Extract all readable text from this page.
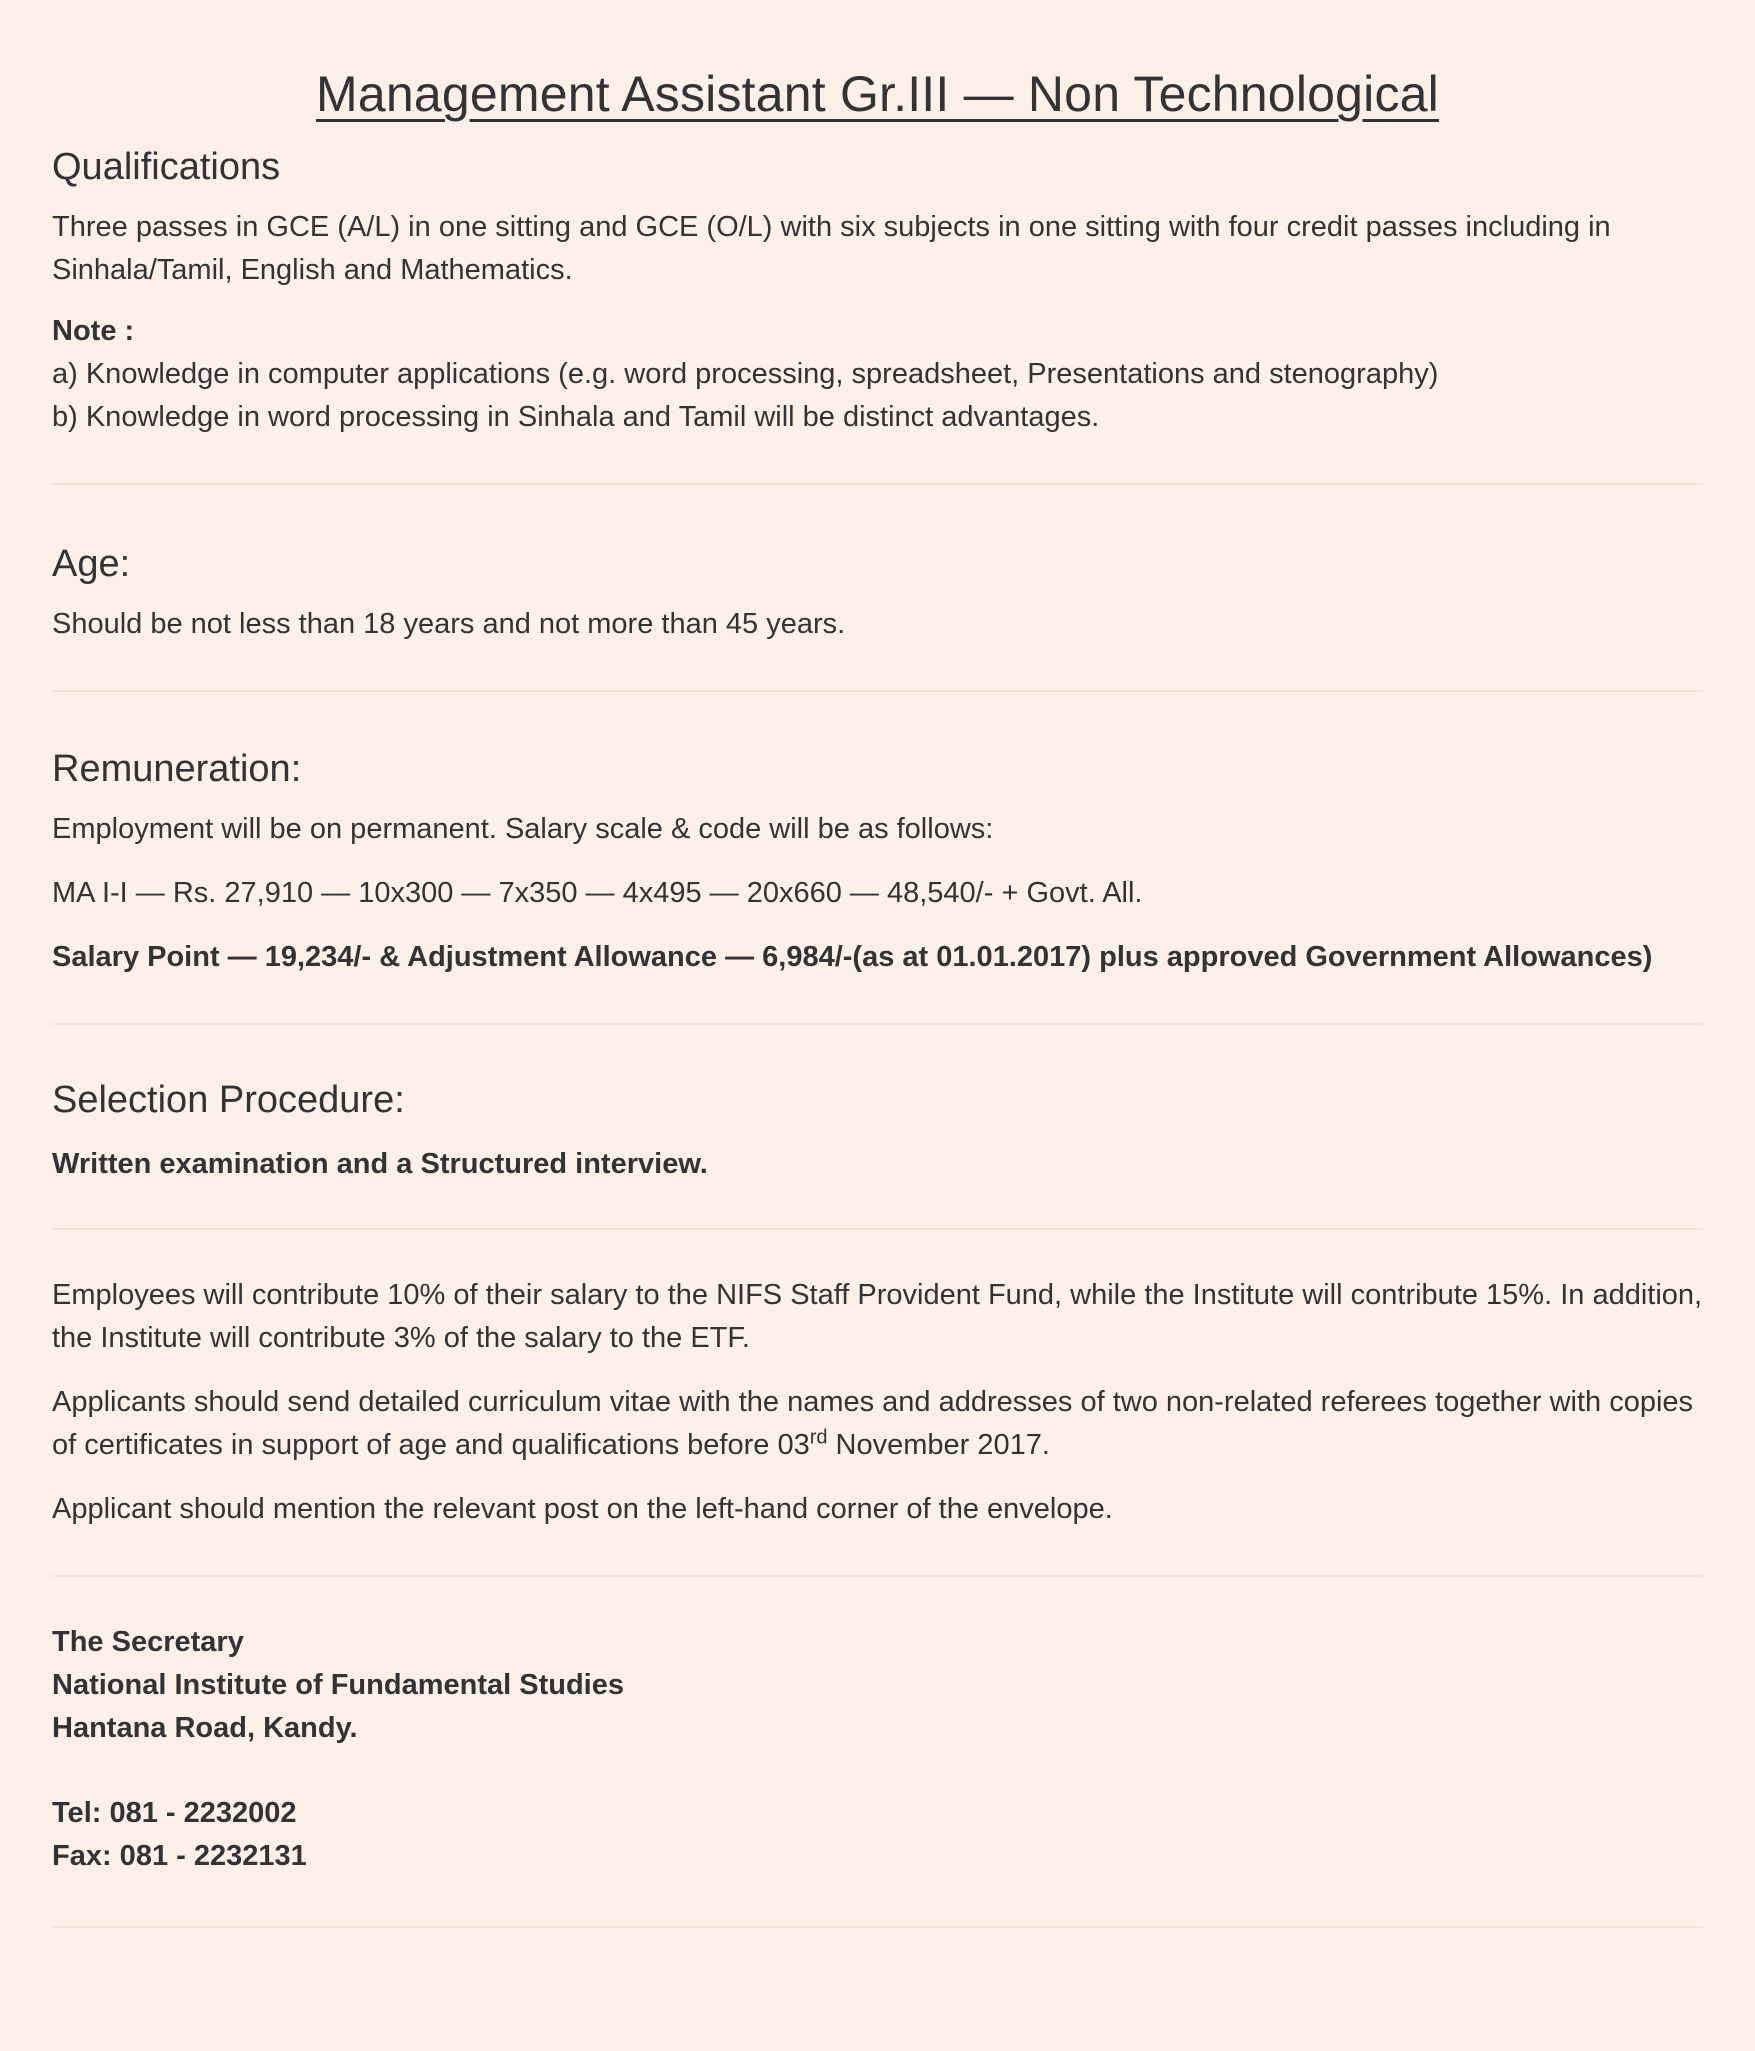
Management Assistant Gr.III — Non Technological
Qualifications

Three passes in GCE (A/L) in one sitting and GCE (O/L) with six subjects in one sitting with four credit passes including in Sinhala/Tamil, English and Mathematics.

Note :

a) Knowledge in computer applications (e.g. word processing, spreadsheet, Presentations and stenography)

b) Knowledge in word processing in Sinhala and Tamil will be distinct advantages.

Age:

Should be not less than 18 years and not more than 45 years.

Remuneration:

Employment will be on permanent. Salary scale & code will be as follows:

MA I-I — Rs. 27,910 — 10x300 — 7x350 — 4x495 — 20x660 — 48,540/- + Govt. All.

Salary Point — 19,234/- & Adjustment Allowance — 6,984/-(as at 01.01.2017) plus approved Government Allowances)

Selection Procedure:

Written examination and a Structured interview.

Employees will contribute 10% of their salary to the NIFS Staff Provident Fund, while the Institute will contribute 15%. In addition, the Institute will contribute 3% of the salary to the ETF.

Applicants should send detailed curriculum vitae with the names and addresses of two non-related referees together with copies of certificates in support of age and qualifications before 03rd November 2017.

Applicant should mention the relevant post on the left-hand corner of the envelope.

The Secretary

National Institute of Fundamental Studies

Hantana Road, Kandy.

Tel: 081 - 2232002

Fax: 081 - 2232131
